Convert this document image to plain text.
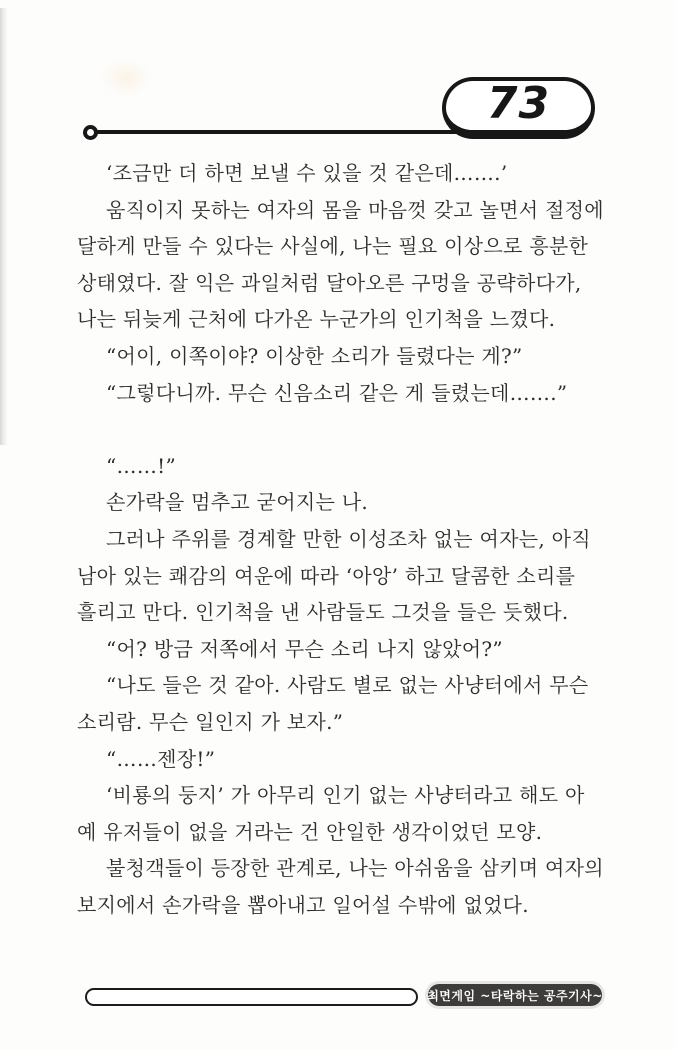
73
‘조금만 더 하면 보낼 수 있을 것 같은데…….’
움직이지 못하는 여자의 몸을 마음껏 갖고 놀면서 절정에
달하게 만들 수 있다는 사실에, 나는 필요 이상으로 흥분한
상태였다. 잘 익은 과일처럼 달아오른 구멍을 공략하다가,
나는 뒤늦게 근처에 다가온 누군가의 인기척을 느꼈다.
“어이, 이쪽이야? 이상한 소리가 들렸다는 게?”
“그렇다니까. 무슨 신음소리 같은 게 들렸는데…….”
“……!”
손가락을 멈추고 굳어지는 나.
그러나 주위를 경계할 만한 이성조차 없는 여자는, 아직
남아 있는 쾌감의 여운에 따라 ‘아앙’ 하고 달콤한 소리를
흘리고 만다. 인기척을 낸 사람들도 그것을 들은 듯했다.
“어? 방금 저쪽에서 무슨 소리 나지 않았어?”
“나도 들은 것 같아. 사람도 별로 없는 사냥터에서 무슨
소리람. 무슨 일인지 가 보자.”
“……젠장!”
‘비룡의 둥지’ 가 아무리 인기 없는 사냥터라고 해도 아
예 유저들이 없을 거라는 건 안일한 생각이었던 모양.
불청객들이 등장한 관계로, 나는 아쉬움을 삼키며 여자의
보지에서 손가락을 뽑아내고 일어설 수밖에 없었다.
최면게임 ~타락하는 공주기사~
